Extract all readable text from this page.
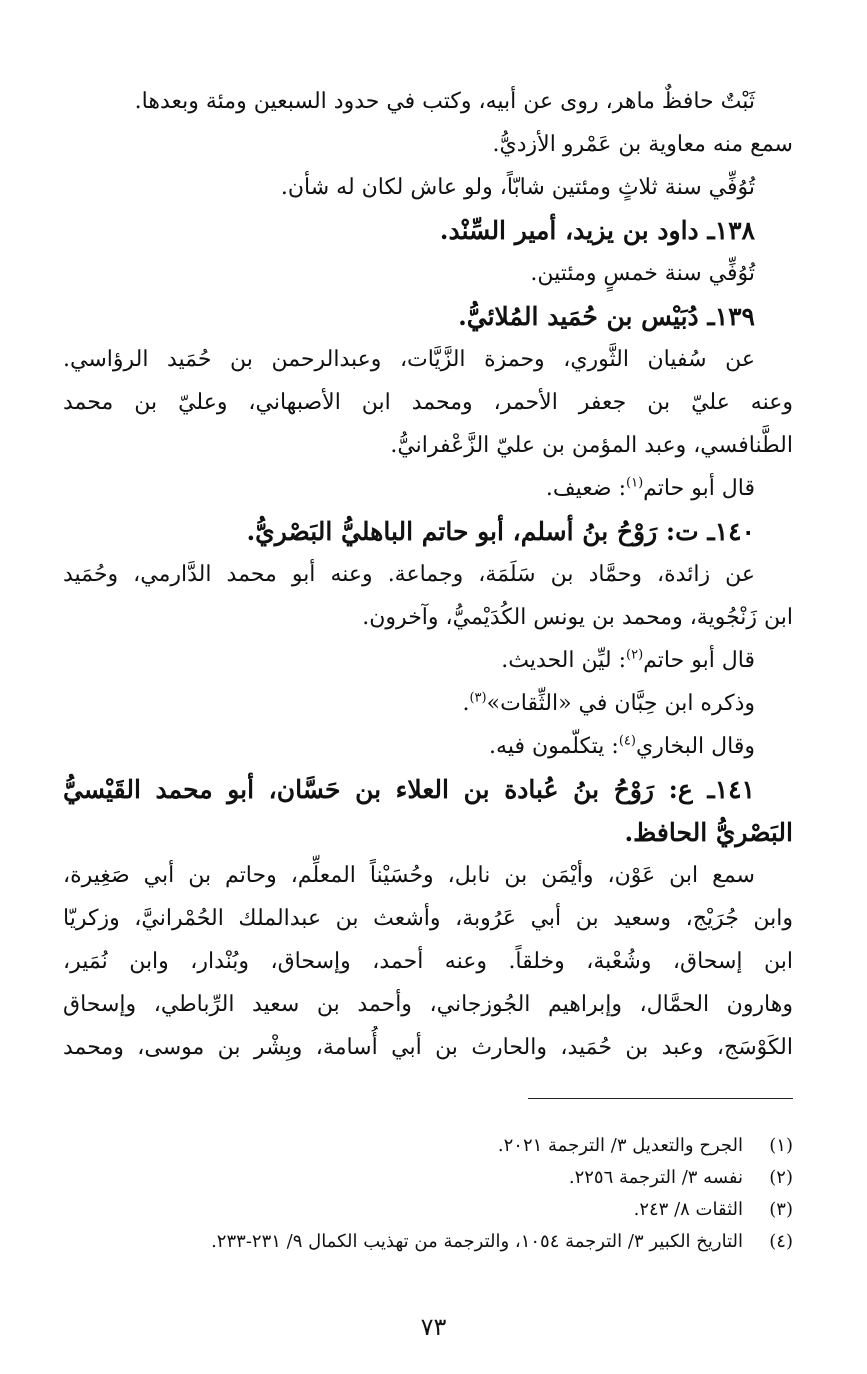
ثَبْتٌ حافظٌ ماهر، روى عن أبيه، وكتب في حدود السبعين ومئة وبعدها.
سمع منه معاوية بن عَمْرو الأزديُّ.
تُوُفِّي سنة ثلاثٍ ومئتين شابّاً، ولو عاش لكان له شأن.
١٣٨ـ داود بن يزيد، أمير السِّنْد.
تُوُفِّي سنة خمسٍ ومئتين.
١٣٩ـ دُبَيْس بن حُمَيد المُلائيُّ.
عن سُفيان الثَّوري، وحمزة الزَّيَّات، وعبدالرحمن بن حُمَيد الرؤاسي.
وعنه عليّ بن جعفر الأحمر، ومحمد ابن الأصبهاني، وعليّ بن محمد
الطَّنافسي، وعبد المؤمن بن عليّ الزَّعْفرانيُّ.
قال أبو حاتم$^{(١)}$: ضعيف.
١٤٠ـ ت: رَوْحُ بنُ أسلم، أبو حاتم الباهليُّ البَصْريُّ.
عن زائدة، وحمَّاد بن سَلَمَة، وجماعة. وعنه أبو محمد الدَّارمي، وحُمَيد
ابن زَنْجُوية، ومحمد بن يونس الكُدَيْميُّ، وآخرون.
قال أبو حاتم$^{(٢)}$: ليِّن الحديث.
وذكره ابن حِبَّان في «الثِّقات»$^{(٣)}$.
وقال البخاري$^{(٤)}$: يتكلّمون فيه.
١٤١ـ ع: رَوْحُ بنُ عُبادة بن العلاء بن حَسَّان، أبو محمد القَيْسيُّ
البَصْريُّ الحافظ.
سمع ابن عَوْن، وأيْمَن بن نابل، وحُسَيْناً المعلِّم، وحاتم بن أبي صَغِيرة،
وابن جُرَيْج، وسعيد بن أبي عَرُوبة، وأشعث بن عبدالملك الحُمْرانيَّ، وزكريّا
ابن إسحاق، وشُعْبة، وخلقاً. وعنه أحمد، وإسحاق، وبُنْدار، وابن نُمَير،
وهارون الحمَّال، وإبراهيم الجُوزجاني، وأحمد بن سعيد الرِّباطي، وإسحاق
الكَوْسَج، وعبد بن حُمَيد، والحارث بن أبي أُسامة، وبِشْر بن موسى، ومحمد
(١)الجرح والتعديل ٣/ الترجمة ٢٠٢١.
(٢)نفسه ٣/ الترجمة ٢٢٥٦.
(٣)الثقات ٨/ ٢٤٣.
(٤)التاريخ الكبير ٣/ الترجمة ١٠٥٤، والترجمة من تهذيب الكمال ٩/ ٢٣١-٢٣٣.
٧٣
